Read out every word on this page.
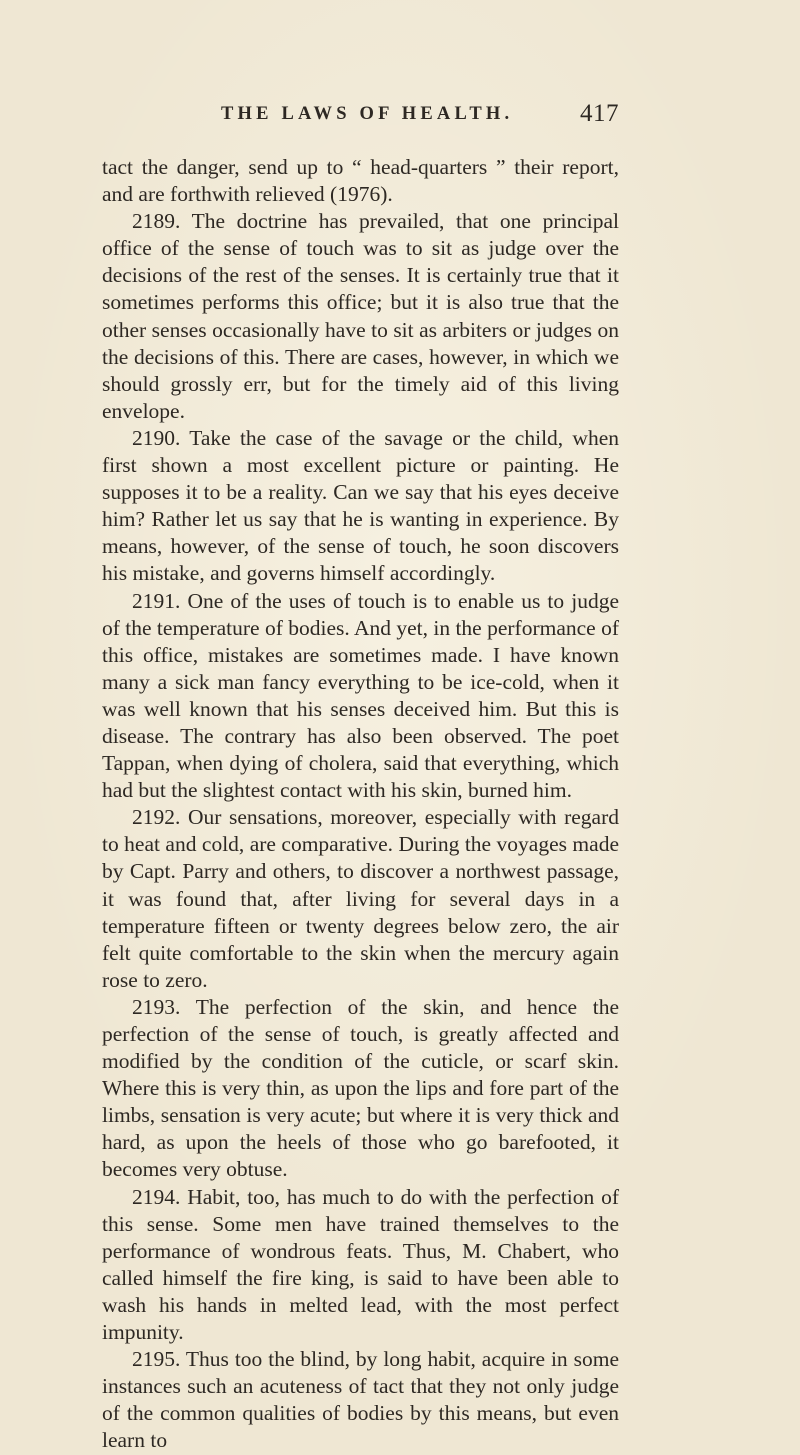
THE LAWS OF HEALTH.	417

tact the danger, send up to “ head-quarters ” their report, and are forthwith relieved (1976).

2189. The doctrine has prevailed, that one principal office of the sense of touch was to sit as judge over the decisions of the rest of the senses. It is certainly true that it sometimes performs this office; but it is also true that the other senses occasionally have to sit as arbiters or judges on the decisions of this. There are cases, however, in which we should grossly err, but for the timely aid of this living envelope.

2190. Take the case of the savage or the child, when first shown a most excellent picture or painting. He supposes it to be a reality. Can we say that his eyes deceive him? Rather let us say that he is wanting in experience. By means, however, of the sense of touch, he soon discovers his mistake, and governs himself accordingly.

2191. One of the uses of touch is to enable us to judge of the temperature of bodies. And yet, in the performance of this office, mistakes are sometimes made. I have known many a sick man fancy everything to be ice-cold, when it was well known that his senses deceived him. But this is disease. The contrary has also been observed. The poet Tappan, when dying of cholera, said that everything, which had but the slightest contact with his skin, burned him.

2192. Our sensations, moreover, especially with regard to heat and cold, are comparative. During the voyages made by Capt. Parry and others, to discover a northwest passage, it was found that, after living for several days in a temperature fifteen or twenty degrees below zero, the air felt quite comfortable to the skin when the mercury again rose to zero.

2193. The perfection of the skin, and hence the perfection of the sense of touch, is greatly affected and modified by the condition of the cuticle, or scarf skin. Where this is very thin, as upon the lips and fore part of the limbs, sensation is very acute; but where it is very thick and hard, as upon the heels of those who go barefooted, it becomes very obtuse.

2194. Habit, too, has much to do with the perfection of this sense. Some men have trained themselves to the performance of wondrous feats. Thus, M. Chabert, who called himself the fire king, is said to have been able to wash his hands in melted lead, with the most perfect impunity.

2195. Thus too the blind, by long habit, acquire in some instances such an acuteness of tact that they not only judge of the common qualities of bodies by this means, but even learn to
